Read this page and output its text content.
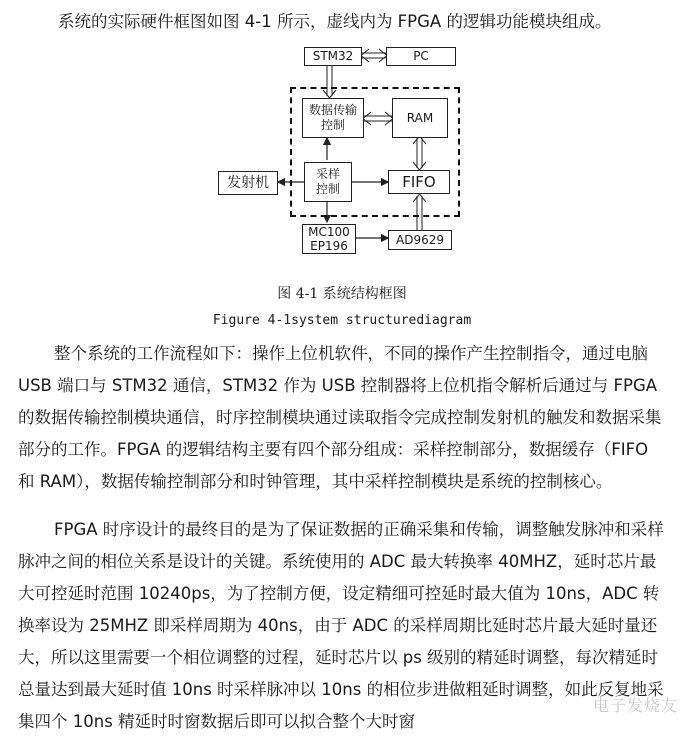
系统的实际硬件框图如图 4-1 所示，虚线内为 FPGA 的逻辑功能模块组成。

STM32	PC
数据传输
控制
RAM
发射机
采样
控制	FIFO
MC100
EP196	AD9629
图 4-1 系统结构框图
Figure 4-1system structurediagram

整个系统的工作流程如下：操作上位机软件，不同的操作产生控制指令，通过电脑 USB 端口与 STM32 通信，STM32 作为 USB 控制器将上位机指令解析后通过与 FPGA 的数据传输控制模块通信，时序控制模块通过读取指令完成控制发射机的触发和数据采集部分的工作。FPGA 的逻辑结构主要有四个部分组成：采样控制部分，数据缓存（FIFO 和 RAM），数据传输控制部分和时钟管理，其中采样控制模块是系统的控制核心。

FPGA 时序设计的最终目的是为了保证数据的正确采集和传输，调整触发脉冲和采样脉冲之间的相位关系是设计的关键。系统使用的 ADC 最大转换率 40MHZ，延时芯片最大可控延时范围 10240ps，为了控制方便，设定精细可控延时最大值为 10ns，ADC 转换率设为 25MHZ 即采样周期为 40ns，由于 ADC 的采样周期比延时芯片最大延时量还大，所以这里需要一个相位调整的过程，延时芯片以 ps 级别的精延时调整，每次精延时总量达到最大延时值 10ns 时采样脉冲以 10ns 的相位步进做粗延时调整，如此反复地采集四个 10ns 精延时时窗数据后即可以拟合整个大时窗

电子发烧友
